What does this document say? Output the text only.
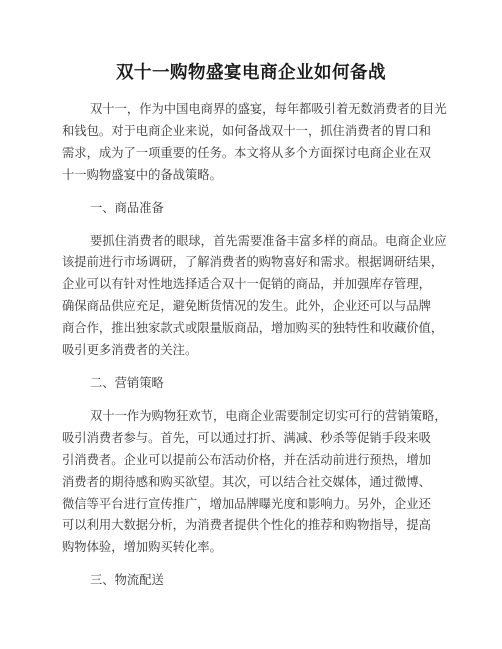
双十一购物盛宴电商企业如何备战
双十一，作为中国电商界的盛宴，每年都吸引着无数消费者的目光
和钱包。对于电商企业来说，如何备战双十一，抓住消费者的胃口和
需求，成为了一项重要的任务。本文将从多个方面探讨电商企业在双
十一购物盛宴中的备战策略。
一、商品准备
要抓住消费者的眼球，首先需要准备丰富多样的商品。电商企业应
该提前进行市场调研，了解消费者的购物喜好和需求。根据调研结果，
企业可以有针对性地选择适合双十一促销的商品，并加强库存管理，
确保商品供应充足，避免断货情况的发生。此外，企业还可以与品牌
商合作，推出独家款式或限量版商品，增加购买的独特性和收藏价值，
吸引更多消费者的关注。
二、营销策略
双十一作为购物狂欢节，电商企业需要制定切实可行的营销策略，
吸引消费者参与。首先，可以通过打折、满减、秒杀等促销手段来吸
引消费者。企业可以提前公布活动价格，并在活动前进行预热，增加
消费者的期待感和购买欲望。其次，可以结合社交媒体，通过微博、
微信等平台进行宣传推广，增加品牌曝光度和影响力。另外，企业还
可以利用大数据分析，为消费者提供个性化的推荐和购物指导，提高
购物体验，增加购买转化率。
三、物流配送
